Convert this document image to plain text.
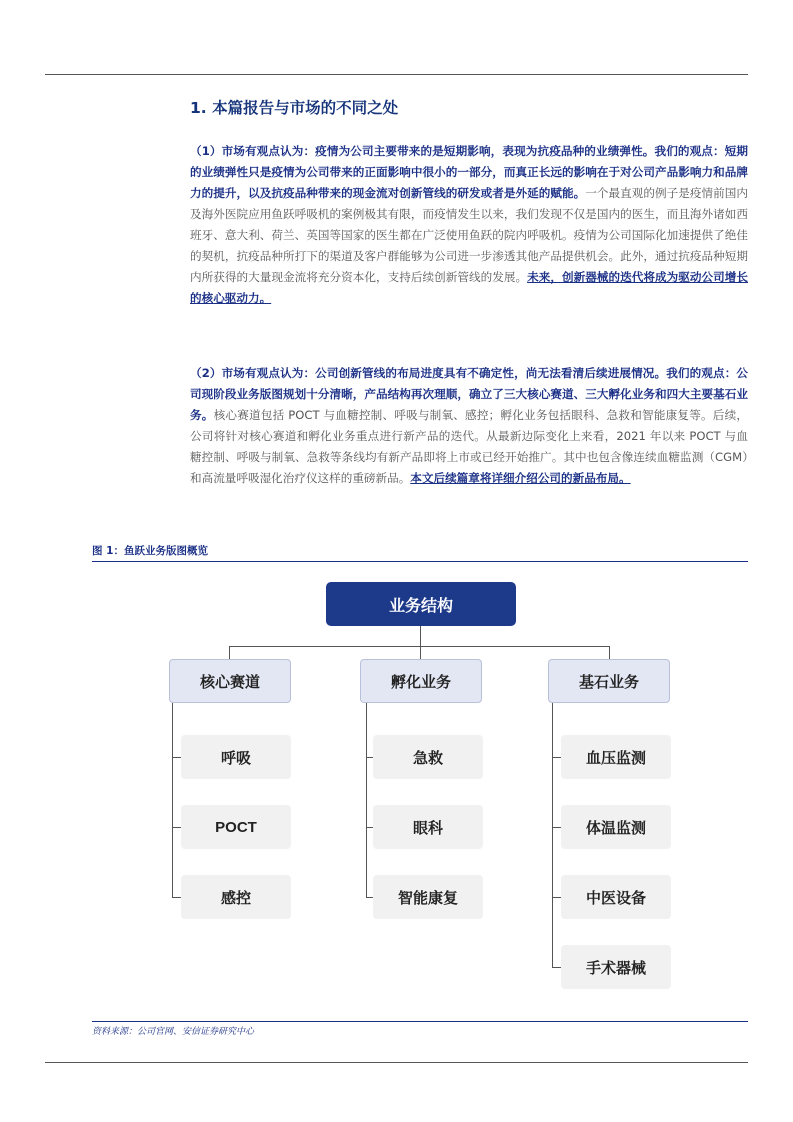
1. 本篇报告与市场的不同之处
（1）市场有观点认为：疫情为公司主要带来的是短期影响，表现为抗疫品种的业绩弹性。我们的观点：短期的业绩弹性只是疫情为公司带来的正面影响中很小的一部分，而真正长远的影响在于对公司产品影响力和品牌力的提升，以及抗疫品种带来的现金流对创新管线的研发或者是外延的赋能。一个最直观的例子是疫情前国内及海外医院应用鱼跃呼吸机的案例极其有限，而疫情发生以来，我们发现不仅是国内的医生，而且海外诸如西班牙、意大利、荷兰、英国等国家的医生都在广泛使用鱼跃的院内呼吸机。疫情为公司国际化加速提供了绝佳的契机，抗疫品种所打下的渠道及客户群能够为公司进一步渗透其他产品提供机会。此外，通过抗疫品种短期内所获得的大量现金流将充分资本化，支持后续创新管线的发展。未来，创新器械的迭代将成为驱动公司增长的核心驱动力。
（2）市场有观点认为：公司创新管线的布局进度具有不确定性，尚无法看清后续进展情况。我们的观点：公司现阶段业务版图规划十分清晰，产品结构再次理顺，确立了三大核心赛道、三大孵化业务和四大主要基石业务。核心赛道包括 POCT 与血糖控制、呼吸与制氧、感控；孵化业务包括眼科、急救和智能康复等。后续，公司将针对核心赛道和孵化业务重点进行新产品的迭代。从最新边际变化上来看，2021 年以来 POCT 与血糖控制、呼吸与制氧、急救等条线均有新产品即将上市或已经开始推广。其中也包含像连续血糖监测（CGM）和高流量呼吸湿化治疗仪这样的重磅新品。本文后续篇章将详细介绍公司的新品布局。
图 1：鱼跃业务版图概览
业务结构
核心赛道	孵化业务	基石业务
呼吸
POCT
感控
急救
眼科
智能康复
血压监测
体温监测
中医设备
手术器械
资料来源：公司官网、安信证券研究中心
